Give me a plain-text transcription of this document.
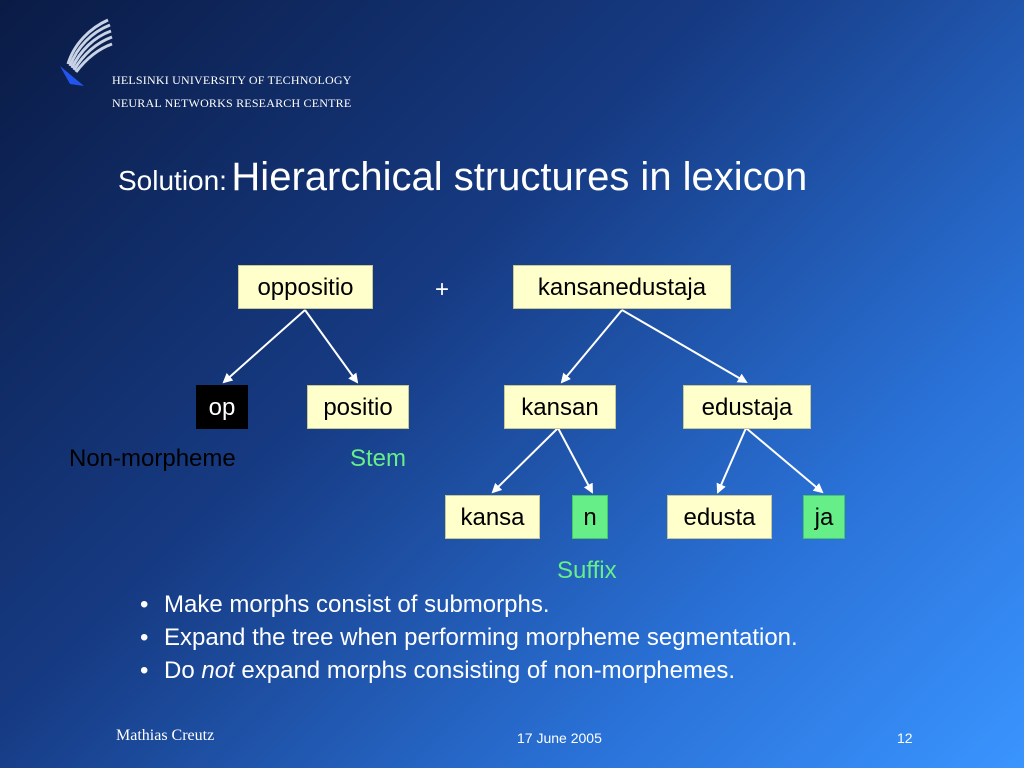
HELSINKI UNIVERSITY OF TECHNOLOGY
NEURAL NETWORKS RESEARCH CENTRE
Solution: Hierarchical structures in lexicon
oppositio	+	kansanedustaja
op	positio	kansan	edustaja
Non-morpheme	Stem
kansa	n	edusta	ja
Suffix
• Make morphs consist of submorphs.
• Expand the tree when performing morpheme segmentation.
• Do not expand morphs consisting of non-morphemes.
Mathias Creutz	17 June 2005	12
